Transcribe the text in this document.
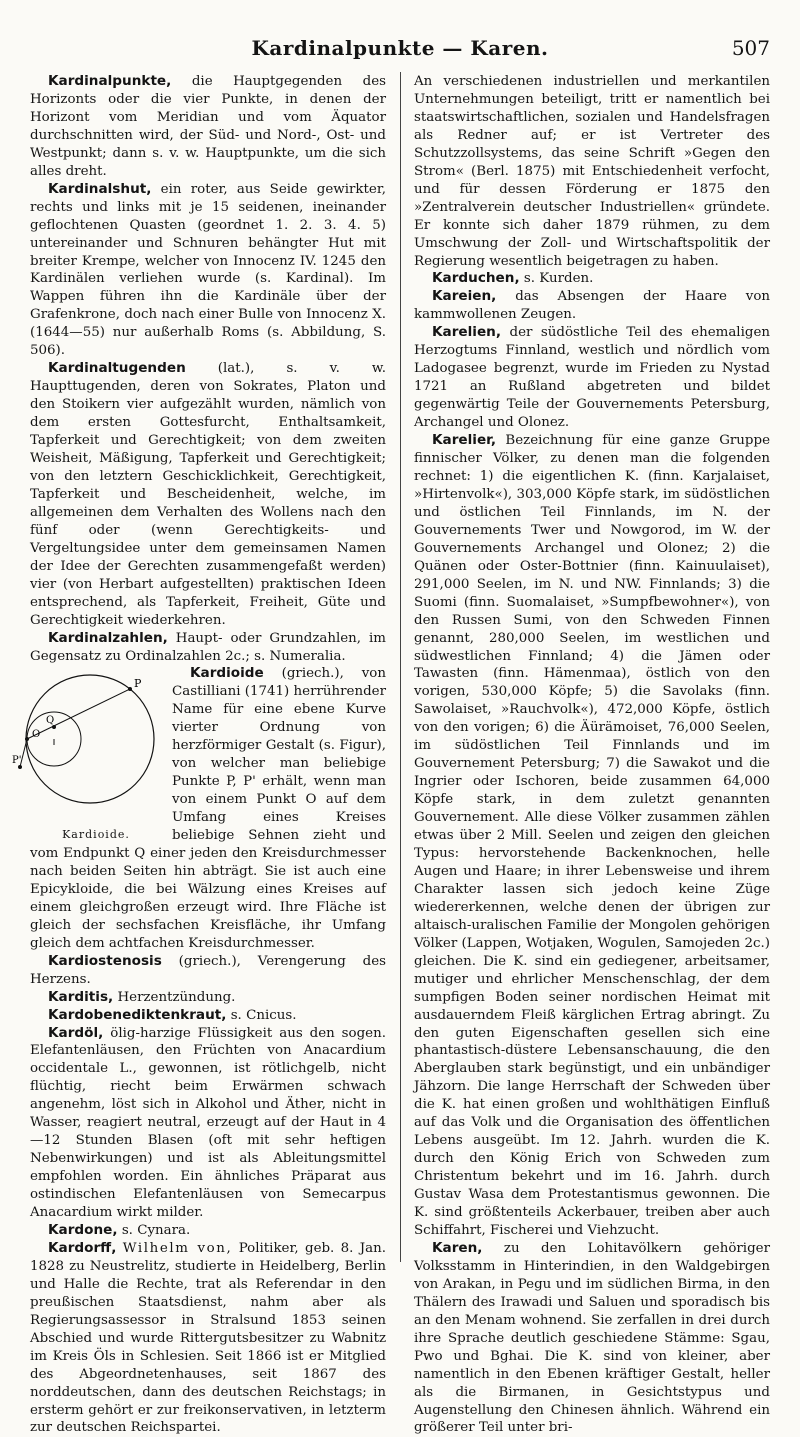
Kardinalpunkte — Karen.	507

Kardinalpunkte, die Hauptgegenden des Horizonts oder die vier Punkte, in denen der Horizont vom Meridian und vom Äquator durchschnitten wird, der Süd- und Nord-, Ost- und Westpunkt; dann s. v. w. Hauptpunkte, um die sich alles dreht.

Kardinalshut, ein roter, aus Seide gewirkter, rechts und links mit je 15 seidenen, ineinander geflochtenen Quasten (geordnet 1. 2. 3. 4. 5) untereinander und Schnuren behängter Hut mit breiter Krempe, welcher von Innocenz IV. 1245 den Kardinälen verliehen wurde (s. Kardinal). Im Wappen führen ihn die Kardinäle über der Grafenkrone, doch nach einer Bulle von Innocenz X. (1644—55) nur außerhalb Roms (s. Abbildung, S. 506).

Kardinaltugenden (lat.), s. v. w. Haupttugenden, deren von Sokrates, Platon und den Stoikern vier aufgezählt wurden, nämlich von dem ersten Gottesfurcht, Enthaltsamkeit, Tapferkeit und Gerechtigkeit; von dem zweiten Weisheit, Mäßigung, Tapferkeit und Gerechtigkeit; von den letztern Geschicklichkeit, Gerechtigkeit, Tapferkeit und Bescheidenheit, welche, im allgemeinen dem Verhalten des Wollens nach den fünf oder (wenn Gerechtigkeits- und Vergeltungsidee unter dem gemeinsamen Namen der Idee der Gerechten zusammengefaßt werden) vier (von Herbart aufgestellten) praktischen Ideen entsprechend, als Tapferkeit, Freiheit, Güte und Gerechtigkeit wiederkehren.

Kardinalzahlen, Haupt- oder Grundzahlen, im Gegensatz zu Ordinalzahlen 2c.; s. Numeralia.

Kardioide
P
Q
O
P'
Kardioide.
(griech.), von Castilliani (1741) herrührender Name für eine ebene Kurve vierter Ordnung von herzförmiger Gestalt (s. Figur), von welcher man beliebige Punkte P, P' erhält, wenn man von einem Punkt O auf dem Umfang eines Kreises beliebige Sehnen zieht und vom Endpunkt Q einer jeden den Kreisdurchmesser nach beiden Seiten hin abträgt. Sie ist auch eine Epicykloide, die bei Wälzung eines Kreises auf einem gleichgroßen erzeugt wird. Ihre Fläche ist gleich der sechsfachen Kreisfläche, ihr Umfang gleich dem achtfachen Kreisdurchmesser.

Kardiostenosis (griech.), Verengerung des Herzens.

Karditis, Herzentzündung.

Kardobenediktenkraut, s. Cnicus.

Kardöl, ölig-harzige Flüssigkeit aus den sogen. Elefantenläusen, den Früchten von Anacardium occidentale L., gewonnen, ist rötlichgelb, nicht flüchtig, riecht beim Erwärmen schwach angenehm, löst sich in Alkohol und Äther, nicht in Wasser, reagiert neutral, erzeugt auf der Haut in 4—12 Stunden Blasen (oft mit sehr heftigen Nebenwirkungen) und ist als Ableitungsmittel empfohlen worden. Ein ähnliches Präparat aus ostindischen Elefantenläusen von Semecarpus Anacardium wirkt milder.

Kardone, s. Cynara.

Kardorff, Wilhelm von, Politiker, geb. 8. Jan. 1828 zu Neustrelitz, studierte in Heidelberg, Berlin und Halle die Rechte, trat als Referendar in den preußischen Staatsdienst, nahm aber als Regierungsassessor in Stralsund 1853 seinen Abschied und wurde Rittergutsbesitzer zu Wabnitz im Kreis Öls in Schlesien. Seit 1866 ist er Mitglied des Abgeordnetenhauses, seit 1867 des norddeutschen, dann des deutschen Reichstags; in ersterm gehört er zur freikonservativen, in letzterm zur deutschen Reichspartei.

An verschiedenen industriellen und merkantilen Unternehmungen beteiligt, tritt er namentlich bei staatswirtschaftlichen, sozialen und Handelsfragen als Redner auf; er ist Vertreter des Schutzzollsystems, das seine Schrift »Gegen den Strom« (Berl. 1875) mit Entschiedenheit verfocht, und für dessen Förderung er 1875 den »Zentralverein deutscher Industriellen« gründete. Er konnte sich daher 1879 rühmen, zu dem Umschwung der Zoll- und Wirtschaftspolitik der Regierung wesentlich beigetragen zu haben.

Karduchen, s. Kurden.

Kareien, das Absengen der Haare von kammwollenen Zeugen.

Karelien, der südöstliche Teil des ehemaligen Herzogtums Finnland, westlich und nördlich vom Ladogasee begrenzt, wurde im Frieden zu Nystad 1721 an Rußland abgetreten und bildet gegenwärtig Teile der Gouvernements Petersburg, Archangel und Olonez.

Karelier, Bezeichnung für eine ganze Gruppe finnischer Völker, zu denen man die folgenden rechnet: 1) die eigentlichen K. (finn. Karjalaiset, »Hirtenvolk«), 303,000 Köpfe stark, im südöstlichen und östlichen Teil Finnlands, im N. der Gouvernements Twer und Nowgorod, im W. der Gouvernements Archangel und Olonez; 2) die Quänen oder Oster-Bottnier (finn. Kainuulaiset), 291,000 Seelen, im N. und NW. Finnlands; 3) die Suomi (finn. Suomalaiset, »Sumpfbewohner«), von den Russen Sumi, von den Schweden Finnen genannt, 280,000 Seelen, im westlichen und südwestlichen Finnland; 4) die Jämen oder Tawasten (finn. Hämenmaa), östlich von den vorigen, 530,000 Köpfe; 5) die Savolaks (finn. Sawolaiset, »Rauchvolk«), 472,000 Köpfe, östlich von den vorigen; 6) die Äürämoiset, 76,000 Seelen, im südöstlichen Teil Finnlands und im Gouvernement Petersburg; 7) die Sawakot und die Ingrier oder Ischoren, beide zusammen 64,000 Köpfe stark, in dem zuletzt genannten Gouvernement. Alle diese Völker zusammen zählen etwas über 2 Mill. Seelen und zeigen den gleichen Typus: hervorstehende Backenknochen, helle Augen und Haare; in ihrer Lebensweise und ihrem Charakter lassen sich jedoch keine Züge wiedererkennen, welche denen der übrigen zur altaisch-uralischen Familie der Mongolen gehörigen Völker (Lappen, Wotjaken, Wogulen, Samojeden 2c.) gleichen. Die K. sind ein gediegener, arbeitsamer, mutiger und ehrlicher Menschenschlag, der dem sumpfigen Boden seiner nordischen Heimat mit ausdauerndem Fleiß kärglichen Ertrag abringt. Zu den guten Eigenschaften gesellen sich eine phantastisch-düstere Lebensanschauung, die den Aberglauben stark begünstigt, und ein unbändiger Jähzorn. Die lange Herrschaft der Schweden über die K. hat einen großen und wohlthätigen Einfluß auf das Volk und die Organisation des öffentlichen Lebens ausgeübt. Im 12. Jahrh. wurden die K. durch den König Erich von Schweden zum Christentum bekehrt und im 16. Jahrh. durch Gustav Wasa dem Protestantismus gewonnen. Die K. sind größtenteils Ackerbauer, treiben aber auch Schiffahrt, Fischerei und Viehzucht.

Karen, zu den Lohitavölkern gehöriger Volksstamm in Hinterindien, in den Waldgebirgen von Arakan, in Pegu und im südlichen Birma, in den Thälern des Irawadi und Saluen und sporadisch bis an den Menam wohnend. Sie zerfallen in drei durch ihre Sprache deutlich geschiedene Stämme: Sgau, Pwo und Bghai. Die K. sind von kleiner, aber namentlich in den Ebenen kräftiger Gestalt, heller als die Birmanen, in Gesichtstypus und Augenstellung den Chinesen ähnlich. Während ein größerer Teil unter bri-
